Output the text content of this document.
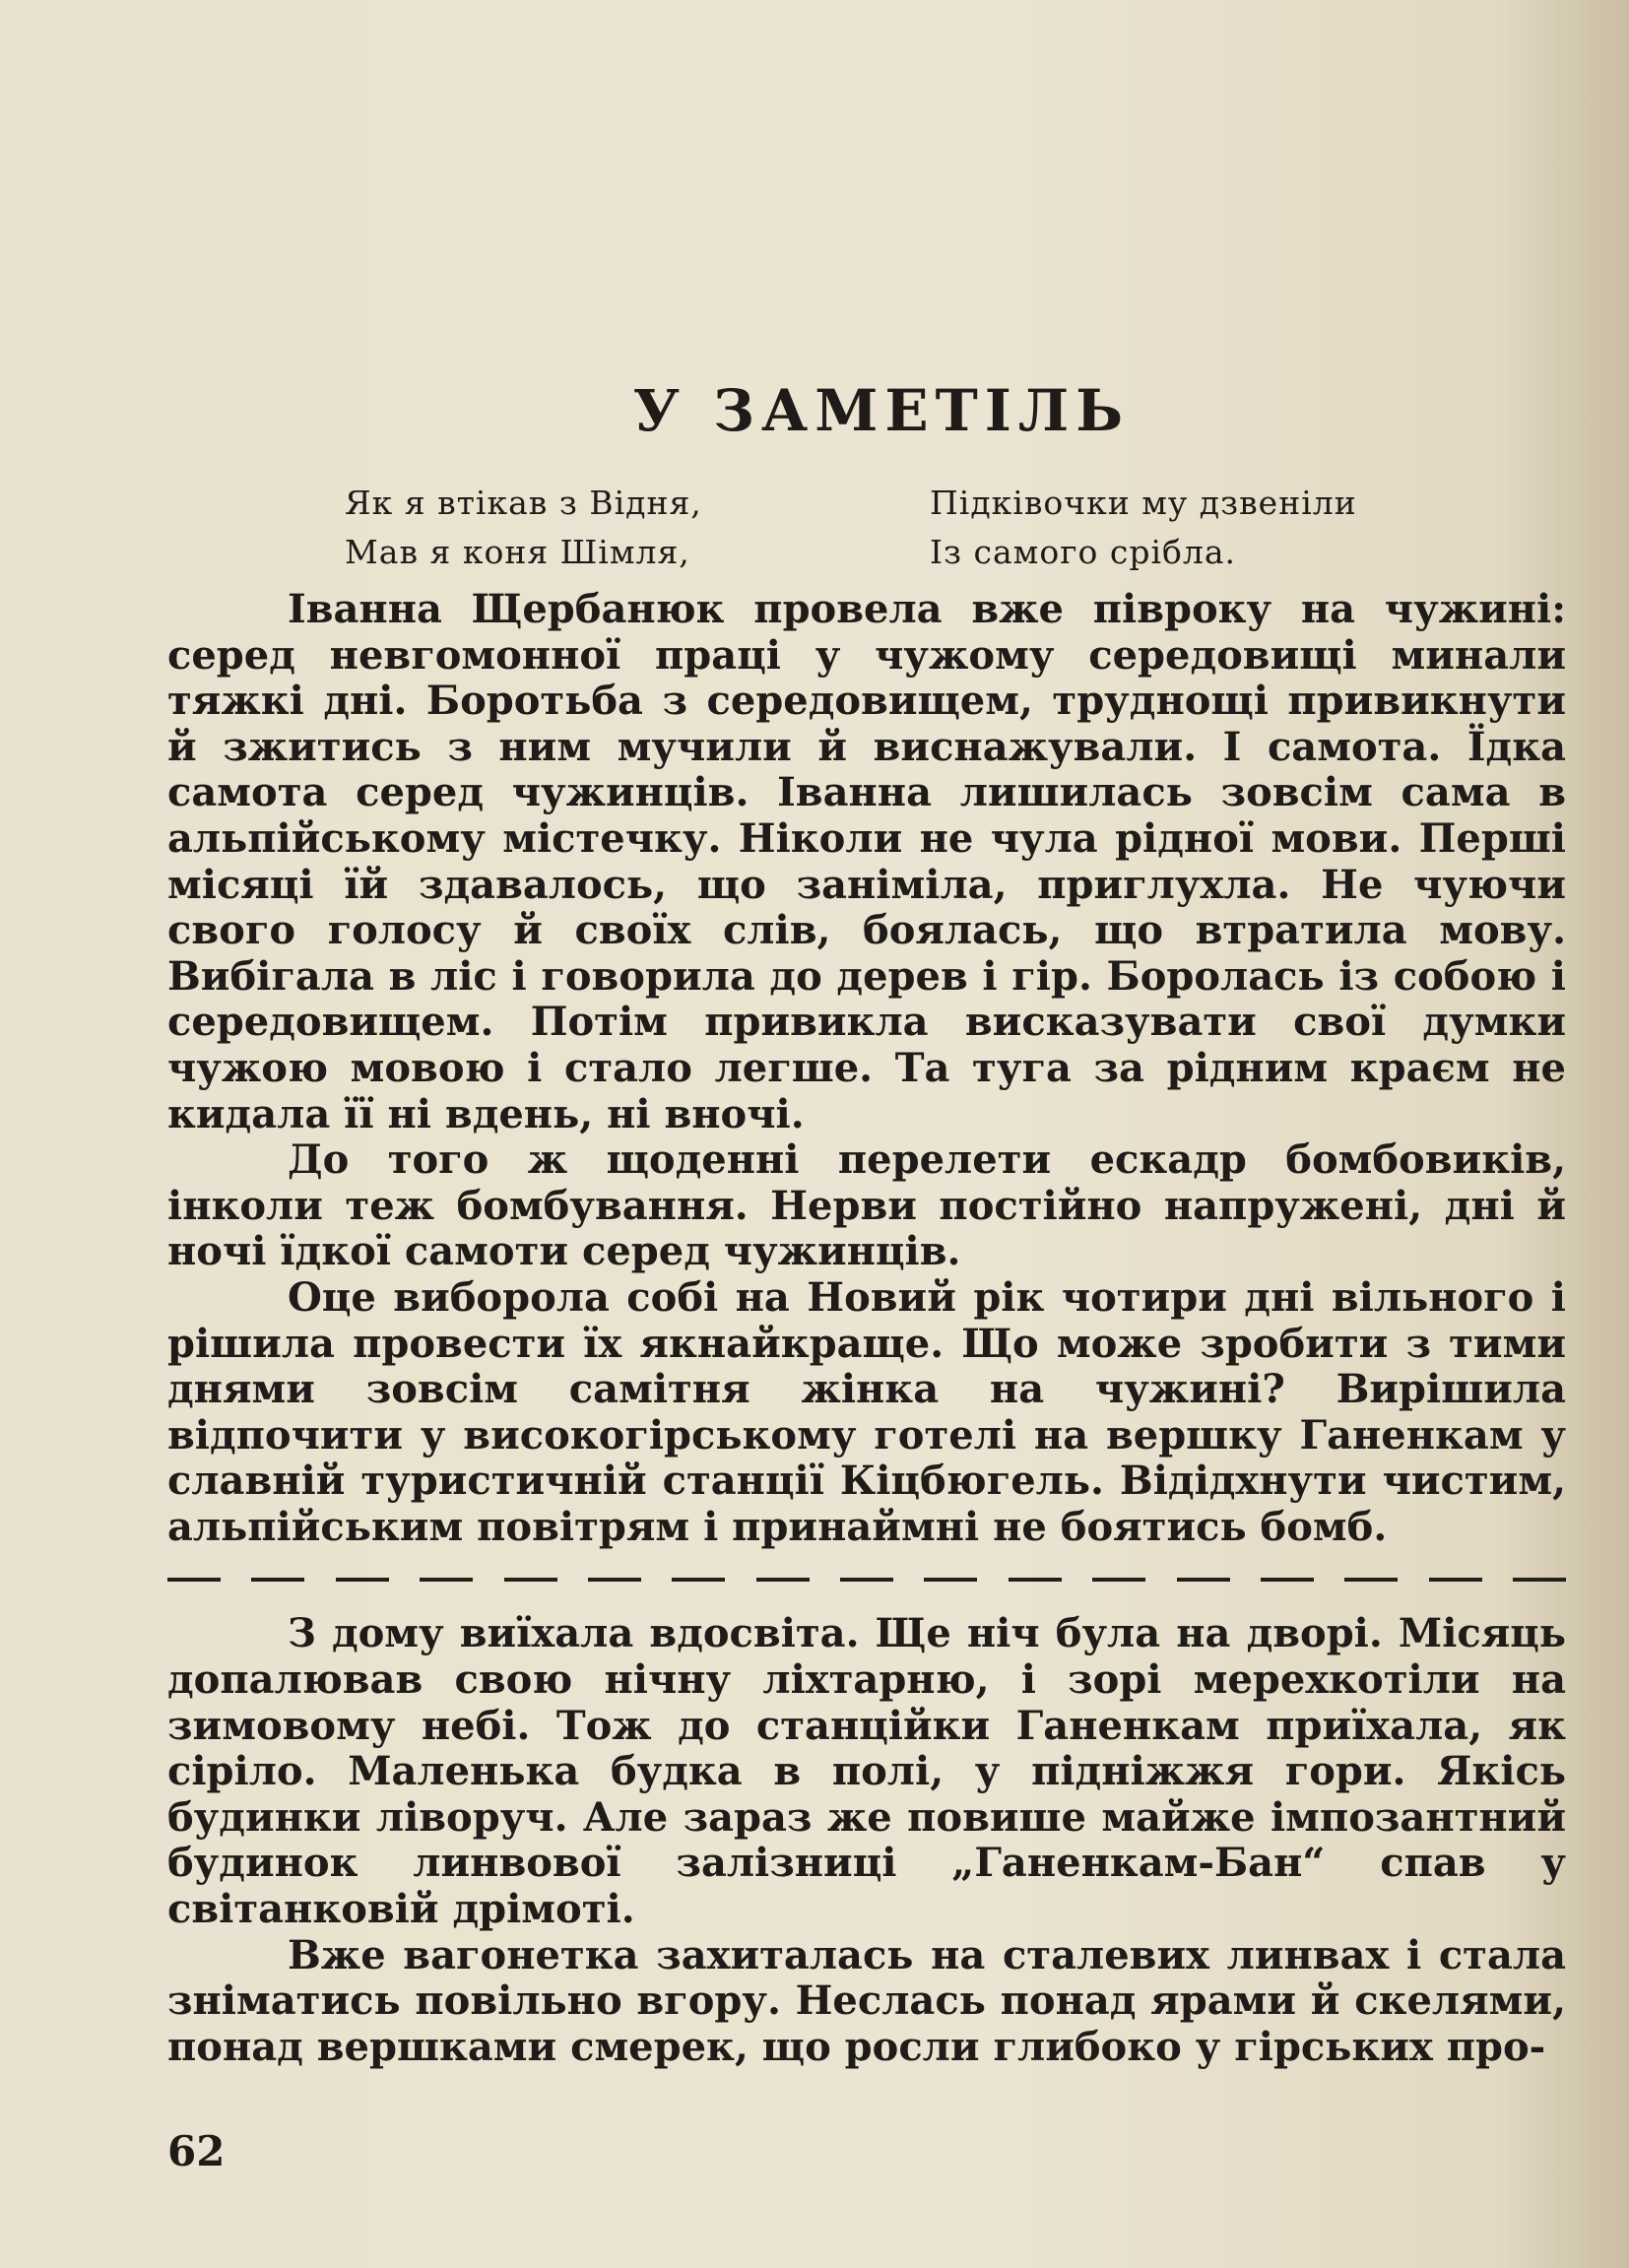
У ЗАМЕТІЛЬ
Як я втікав з Відня,
Мав я коня Шімля,
Підківочки му дзвеніли
Із самого срібла.

Іванна Щербанюк провела вже півроку на чужині: серед невгомонної праці у чужому середовищі минали тяжкі дні. Боротьба з середовищем, труднощі привикнути й зжитись з ним мучили й виснажували. І самота. Їдка самота серед чужинців. Іванна лишилась зовсім сама в альпійському містечку. Ніколи не чула рідної мови. Перші місяці їй здавалось, що заніміла, приглухла. Не чуючи свого голосу й своїх слів, боялась, що втратила мову. Вибігала в ліс і говорила до дерев і гір. Боролась із собою і середовищем. Потім привикла висказувати свої думки чужою мовою і стало легше. Та туга за рідним краєм не кидала її ні вдень, ні вночі.

До того ж щоденні перелети ескадр бомбовиків, інколи теж бомбування. Нерви постійно напружені, дні й ночі їдкої самоти серед чужинців.

Оце вибoрола собі на Новий рік чотири дні вільного і рішила провести їх якнайкраще. Що може зробити з тими днями зовсім самітня жінка на чужині? Вирішила відпочити у високогірському готелі на вершку Ганенкам у славній туристичній станції Кіцбюгель. Відідхнути чистим, альпійським повітрям і принаймні не боятись бомб.

З дому виїхала вдосвіта. Ще ніч була на дворі. Місяць допалював свою нічну ліхтарню, і зорі мерехкотіли на зимовому небі. Тож до станційки Ганенкам приїхала, як сіріло. Маленька будка в полі, у підніжжя гори. Якісь будинки ліворуч. Але зараз же повише майже імпозантний будинок линвової залізниці „Ганенкам-Бан“ спав у світанковій дрімоті.

Вже вагонетка захиталась на сталевих линвах і стала зніматись повільно вгору. Неслась понад ярами й скелями, понад вершками смерек, що росли глибоко у гірських про-

62
